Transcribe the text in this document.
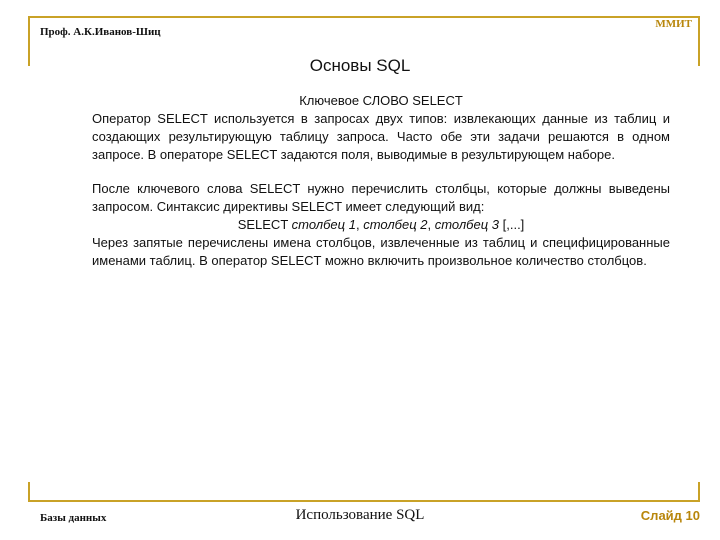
Проф. А.К.Иванов-Шиц
ММИТ
Основы SQL

Ключевое СЛОВО SELECT

Оператор SELECT используется в запросах двух типов: извлекающих данные из таблиц и создающих результирующую таблицу запроса. Часто обе эти задачи решаются в одном запросе. В операторе SELECT задаются поля, выводимые в результирующем наборе.

После ключевого слова SELECT нужно перечислить столбцы, которые должны выведены запросом. Синтаксис директивы SELECT имеет следующий вид:

SELECT столбец 1, столбец 2, столбец 3 [,...]

Через запятые перечислены имена столбцов, извлеченные из таблиц и специфицированные именами таблиц. В оператор SELECT можно включить произвольное количество столбцов.

Базы данных	Использование SQL	Слайд 10
